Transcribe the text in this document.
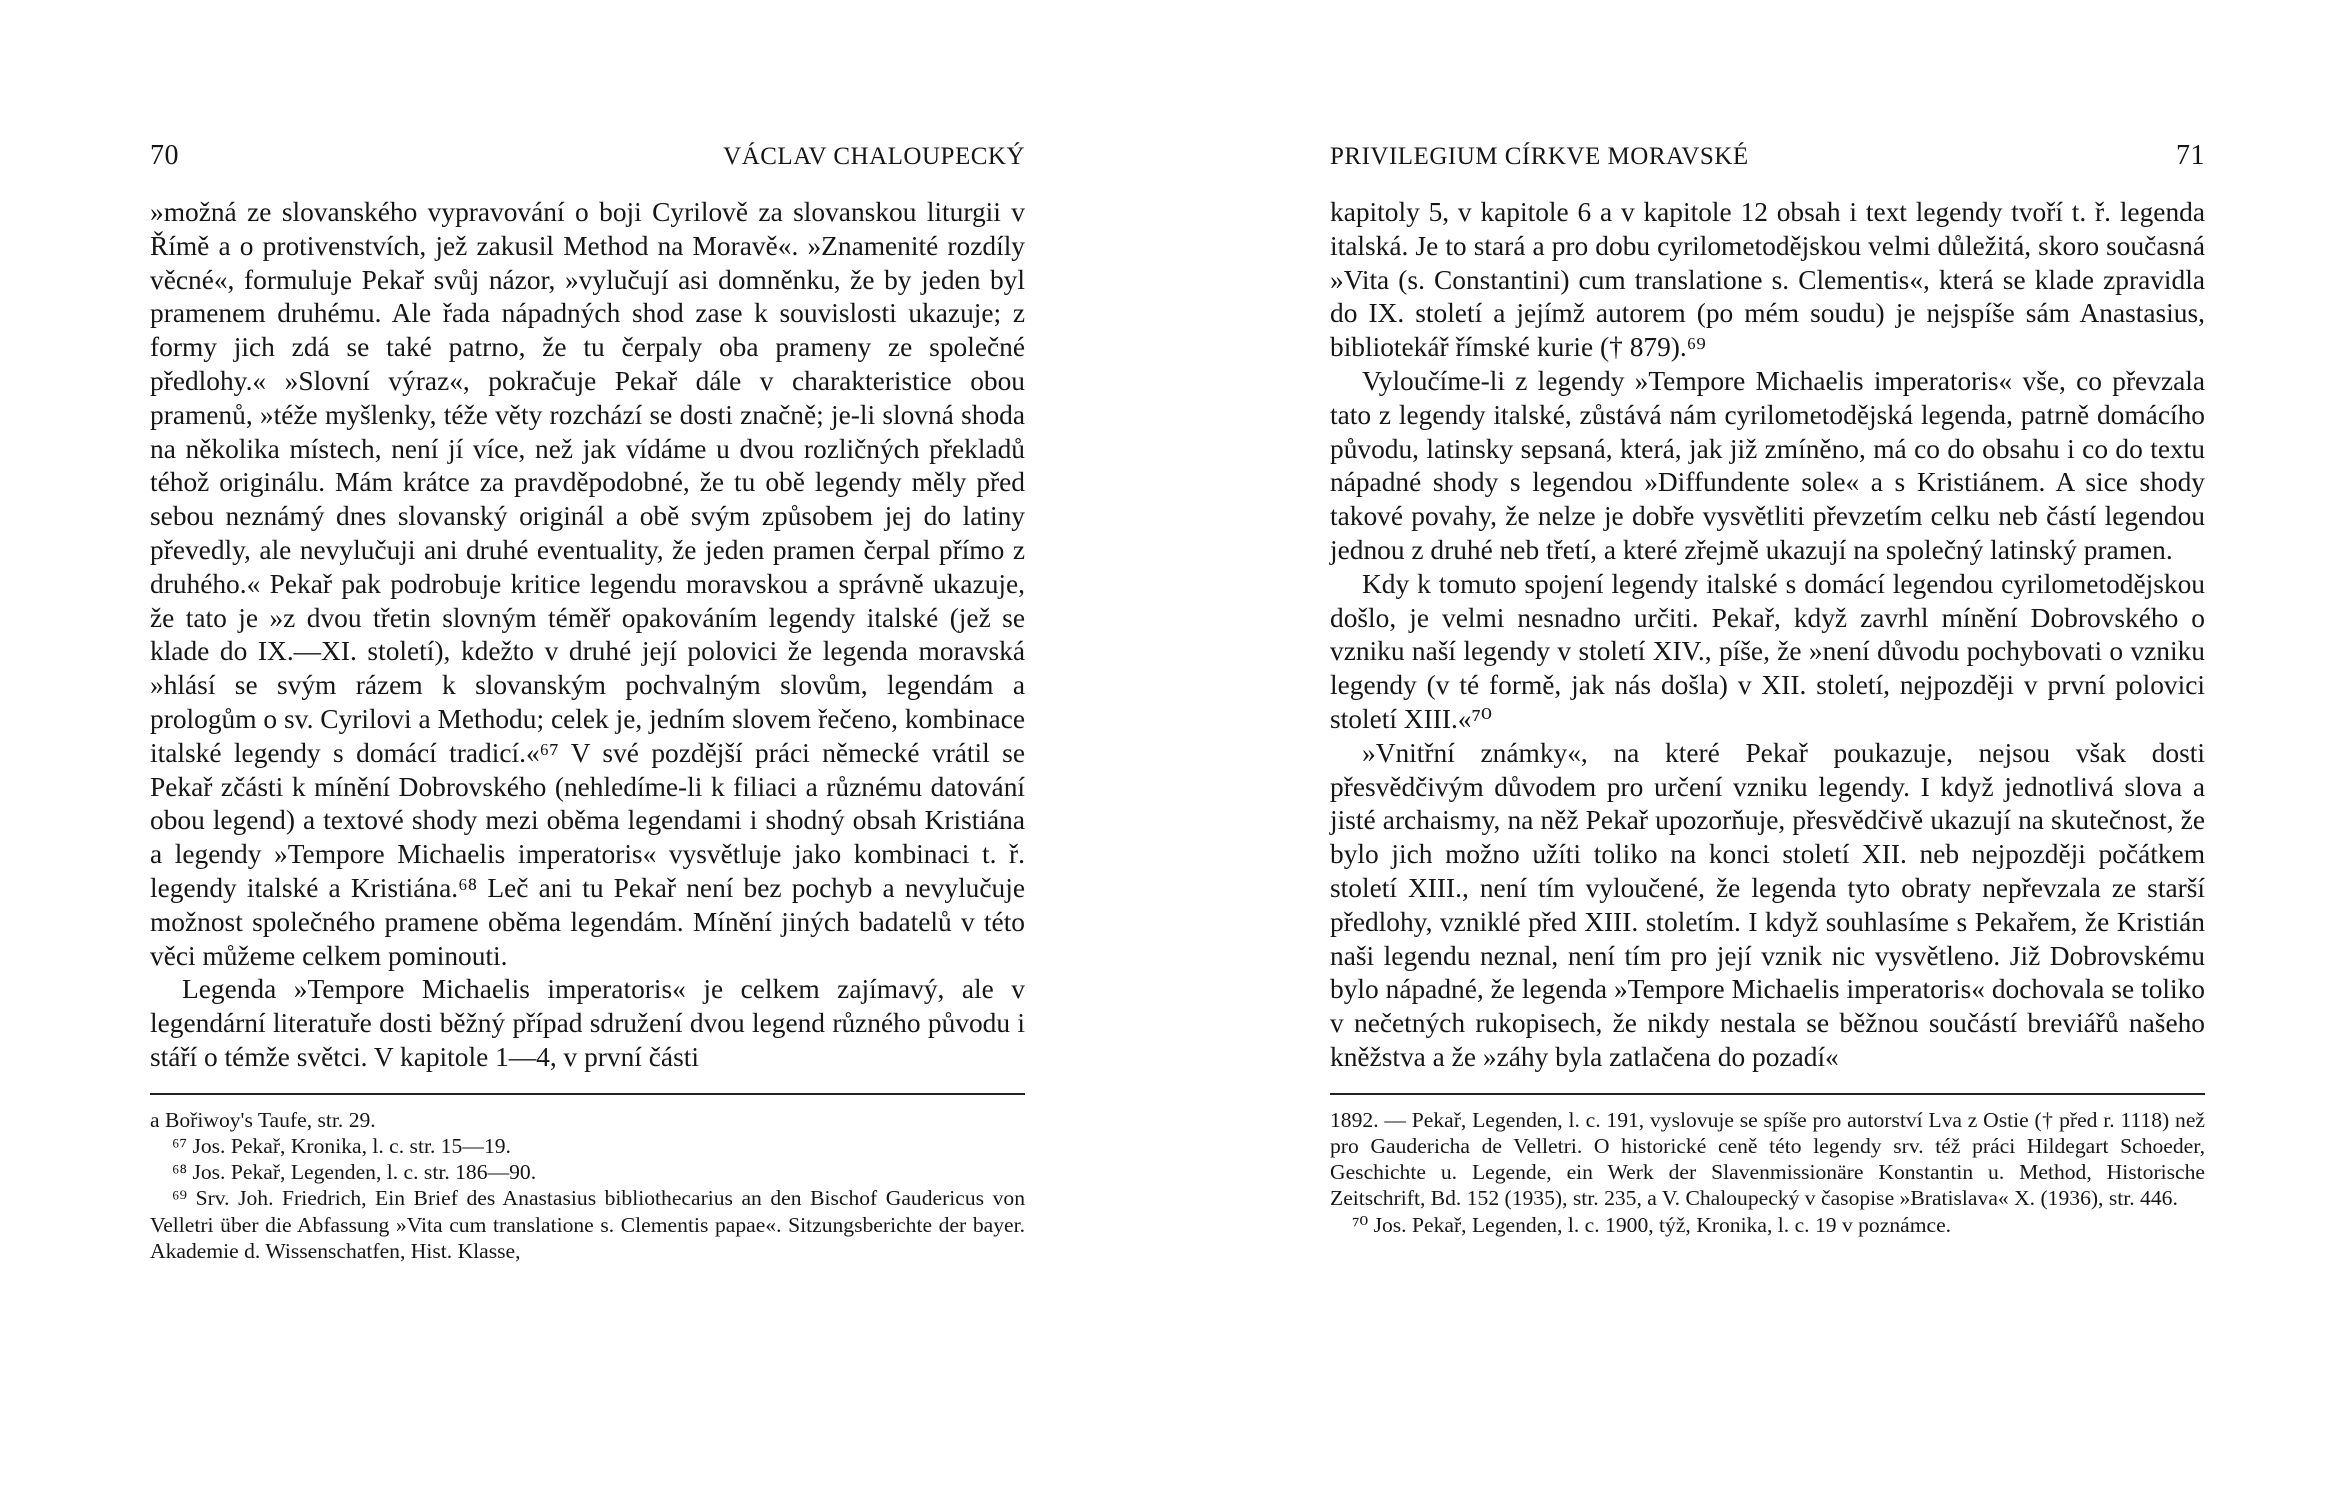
70	VÁCLAV CHALOUPECKÝ

»možná ze slovanského vypravování o boji Cyrilově za slovanskou liturgii v Římě a o protivenstvích, jež zakusil Method na Moravě«. »Znamenité rozdíly věcné«, formuluje Pekař svůj názor, »vylučují asi domněnku, že by jeden byl pramenem druhému. Ale řada nápadných shod zase k souvislosti ukazuje; z formy jich zdá se také patrno, že tu čerpaly oba prameny ze společné předlohy.« »Slovní výraz«, pokračuje Pekař dále v charakteristice obou pramenů, »téže myšlenky, téže věty rozchází se dosti značně; je-li slovná shoda na několika místech, není jí více, než jak vídáme u dvou rozličných překladů téhož originálu. Mám krátce za pravděpodobné, že tu obě legendy měly před sebou neznámý dnes slovanský originál a obě svým způsobem jej do latiny převedly, ale nevylučuji ani druhé eventuality, že jeden pramen čerpal přímo z druhého.« Pekař pak podrobuje kritice legendu moravskou a správně ukazuje, že tato je »z dvou třetin slovným téměř opakováním legendy italské (jež se klade do IX.—XI. století), kdežto v druhé její polovici že legenda moravská »hlásí se svým rázem k slovanským pochvalným slovům, legendám a prologům o sv. Cyrilovi a Methodu; celek je, jedním slovem řečeno, kombinace italské legendy s domácí tradicí.«⁶⁷ V své pozdější práci německé vrátil se Pekař zčásti k mínění Dobrovského (nehledíme-li k filiaci a různému datování obou legend) a textové shody mezi oběma legendami i shodný obsah Kristiána a legendy »Tempore Michaelis imperatoris« vysvětluje jako kombinaci t. ř. legendy italské a Kristiána.⁶⁸ Leč ani tu Pekař není bez pochyb a nevylučuje možnost společného pramene oběma legendám. Mínění jiných badatelů v této věci můžeme celkem pominouti.

Legenda »Tempore Michaelis imperatoris« je celkem zajímavý, ale v legendární literatuře dosti běžný případ sdružení dvou legend různého původu i stáří o témže světci. V kapitole 1—4, v první části

a Bořiwoy's Taufe, str. 29.

⁶⁷ Jos. Pekař, Kronika, l. c. str. 15—19.

⁶⁸ Jos. Pekař, Legenden, l. c. str. 186—90.

⁶⁹ Srv. Joh. Friedrich, Ein Brief des Anastasius bibliothecarius an den Bischof Gaudericus von Velletri über die Abfassung »Vita cum translatione s. Clementis papae«. Sitzungsberichte der bayer. Akademie d. Wissenschatfen, Hist. Klasse,

PRIVILEGIUM CÍRKVE MORAVSKÉ	71

kapitoly 5, v kapitole 6 a v kapitole 12 obsah i text legendy tvoří t. ř. legenda italská. Je to stará a pro dobu cyrilometodějskou velmi důležitá, skoro současná »Vita (s. Constantini) cum translatione s. Clementis«, která se klade zpravidla do IX. století a jejímž autorem (po mém soudu) je nejspíše sám Anastasius, bibliotekář římské kurie († 879).⁶⁹

Vyloučíme-li z legendy »Tempore Michaelis imperatoris« vše, co převzala tato z legendy italské, zůstává nám cyrilometodějská legenda, patrně domácího původu, latinsky sepsaná, která, jak již zmíněno, má co do obsahu i co do textu nápadné shody s legendou »Diffundente sole« a s Kristiánem. A sice shody takové povahy, že nelze je dobře vysvětliti převzetím celku neb částí legendou jednou z druhé neb třetí, a které zřejmě ukazují na společný latinský pramen.

Kdy k tomuto spojení legendy italské s domácí legendou cyrilometodějskou došlo, je velmi nesnadno určiti. Pekař, když zavrhl mínění Dobrovského o vzniku naší legendy v století XIV., píše, že »není důvodu pochybovati o vzniku legendy (v té formě, jak nás došla) v XII. století, nejpozději v první polovici století XIII.«⁷⁰

»Vnitřní známky«, na které Pekař poukazuje, nejsou však dosti přesvědčivým důvodem pro určení vzniku legendy. I když jednotlivá slova a jisté archaismy, na něž Pekař upozorňuje, přesvědčivě ukazují na skutečnost, že bylo jich možno užíti toliko na konci století XII. neb nejpozději počátkem století XIII., není tím vyloučené, že legenda tyto obraty nepřevzala ze starší předlohy, vzniklé před XIII. stoletím. I když souhlasíme s Pekařem, že Kristián naši legendu neznal, není tím pro její vznik nic vysvětleno. Již Dobrovskému bylo nápadné, že legenda »Tempore Michaelis imperatoris« dochovala se toliko v nečetných rukopisech, že nikdy nestala se běžnou součástí breviářů našeho kněžstva a že »záhy byla zatlačena do pozadí«

1892. — Pekař, Legenden, l. c. 191, vyslovuje se spíše pro autorství Lva z Ostie († před r. 1118) než pro Gaudericha de Velletri. O historické ceně této legendy srv. též práci Hildegart Schoeder, Geschichte u. Legende, ein Werk der Slavenmissionäre Konstantin u. Method, Historische Zeitschrift, Bd. 152 (1935), str. 235, a V. Chaloupecký v časopise »Bratislava« X. (1936), str. 446.

⁷⁰ Jos. Pekař, Legenden, l. c. 1900, týž, Kronika, l. c. 19 v poznámce.
